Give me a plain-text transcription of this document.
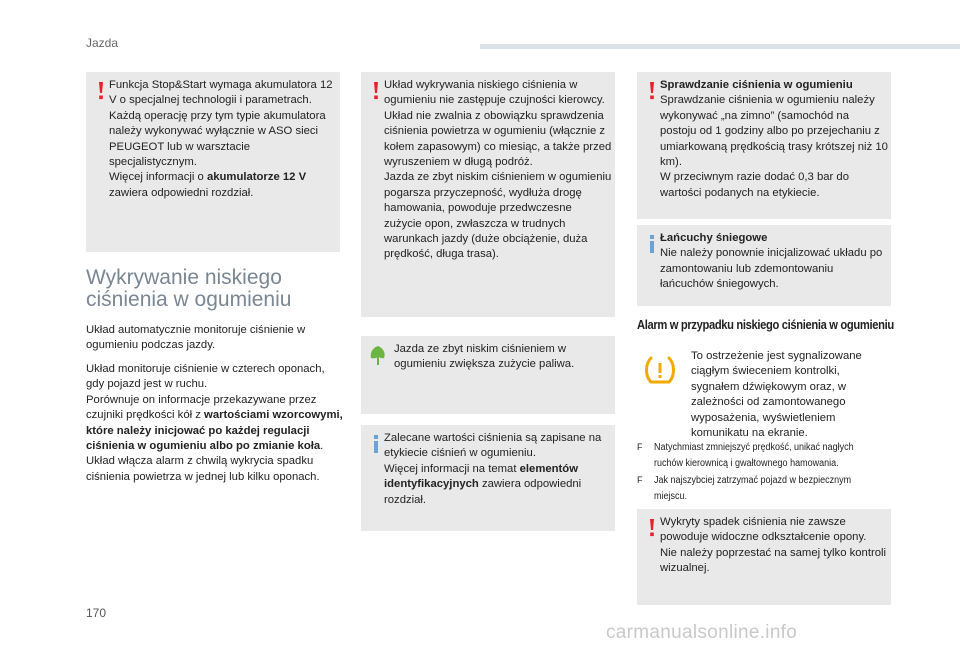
Jazda

Funkcja Stop&Start wymaga akumulatora 12 V o specjalnej technologii i parametrach.

Każdą operację przy tym typie akumulatora należy wykonywać wyłącznie w ASO sieci PEUGEOT lub w warsztacie specjalistycznym.

Więcej informacji o akumulatorze 12 V zawiera odpowiedni rozdział.

Wykrywanie niskiego
ciśnienia w ogumieniu

Układ automatycznie monitoruje ciśnienie w ogumieniu podczas jazdy.

Układ monitoruje ciśnienie w czterech oponach, gdy pojazd jest w ruchu.

Porównuje on informacje przekazywane przez czujniki prędkości kół z wartościami wzorcowymi, które należy inicjować po każdej regulacji ciśnienia w ogumieniu albo po zmianie koła.

Układ włącza alarm z chwilą wykrycia spadku ciśnienia powietrza w jednej lub kilku oponach.

Układ wykrywania niskiego ciśnienia w ogumieniu nie zastępuje czujności kierowcy.

Układ nie zwalnia z obowiązku sprawdzenia ciśnienia powietrza w ogumieniu (włącznie z kołem zapasowym) co miesiąc, a także przed wyruszeniem w długą podróż.

Jazda ze zbyt niskim ciśnieniem w ogumieniu pogarsza przyczepność, wydłuża drogę hamowania, powoduje przedwczesne zużycie opon, zwłaszcza w trudnych warunkach jazdy (duże obciążenie, duża prędkość, długa trasa).

Jazda ze zbyt niskim ciśnieniem w ogumieniu zwiększa zużycie paliwa.

Zalecane wartości ciśnienia są zapisane na etykiecie ciśnień w ogumieniu.

Więcej informacji na temat elementów identyfikacyjnych zawiera odpowiedni rozdział.

Sprawdzanie ciśnienia w ogumieniu

Sprawdzanie ciśnienia w ogumieniu należy wykonywać „na zimno” (samochód na postoju od 1 godziny albo po przejechaniu z umiarkowaną prędkością trasy krótszej niż 10 km).

W przeciwnym razie dodać 0,3 bar do wartości podanych na etykiecie.

Łańcuchy śniegowe

Nie należy ponownie inicjalizować układu po zamontowaniu lub zdemontowaniu łańcuchów śniegowych.

Alarm w przypadku niskiego ciśnienia w ogumieniu
To ostrzeżenie jest sygnalizowane ciągłym świeceniem kontrolki, sygnałem dźwiękowym oraz, w zależności od zamontowanego wyposażenia, wyświetleniem komunikatu na ekranie.
F Natychmiast zmniejszyć prędkość, unikać nagłych ruchów kierownicą i gwałtownego hamowania.
F Jak najszybciej zatrzymać pojazd w bezpiecznym miejscu.

Wykryty spadek ciśnienia nie zawsze powoduje widoczne odkształcenie opony.

Nie należy poprzestać na samej tylko kontroli wizualnej.

170
carmanualsonline.info
